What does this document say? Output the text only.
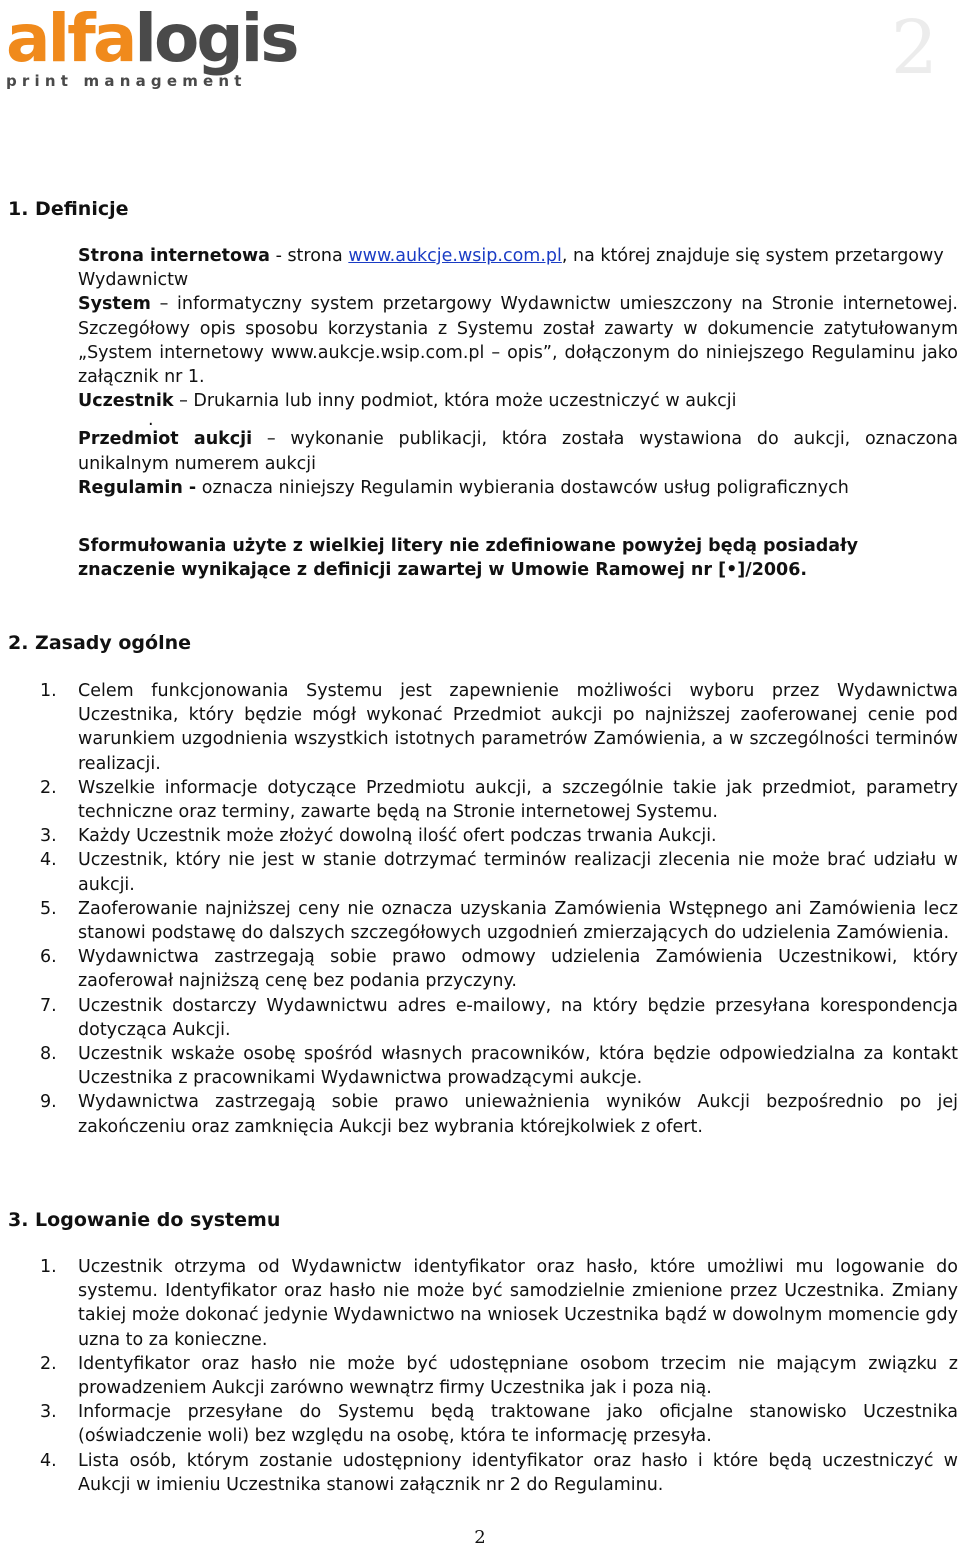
alfalogis
print management	2
1. Definicje

Strona internetowa - strona www.aukcje.wsip.com.pl, na której znajduje się system przetargowy Wydawnictw

System – informatyczny system przetargowy Wydawnictw umieszczony na Stronie internetowej. Szczegółowy opis sposobu korzystania z Systemu został zawarty w dokumencie zatytułowanym „System internetowy www.aukcje.wsip.com.pl – opis”, dołączonym do niniejszego Regulaminu jako załącznik nr 1.

Uczestnik – Drukarnia lub inny podmiot, która może uczestniczyć w aukcji

.

Przedmiot aukcji – wykonanie publikacji, która została wystawiona do aukcji, oznaczona unikalnym numerem aukcji

Regulamin - oznacza niniejszy Regulamin wybierania dostawców usług poligraficznych

Sformułowania użyte z wielkiej litery nie zdefiniowane powyżej będą posiadały znaczenie wynikające z definicji zawartej w Umowie Ramowej nr [•]/2006.

2. Zasady ogólne
1. Celem funkcjonowania Systemu jest zapewnienie możliwości wyboru przez Wydawnictwa Uczestnika, który będzie mógł wykonać Przedmiot aukcji po najniższej zaoferowanej cenie pod warunkiem uzgodnienia wszystkich istotnych parametrów Zamówienia, a w szczególności terminów realizacji.
2. Wszelkie informacje dotyczące Przedmiotu aukcji, a szczególnie takie jak przedmiot, parametry techniczne oraz terminy, zawarte będą na Stronie internetowej Systemu.
3. Każdy Uczestnik może złożyć dowolną ilość ofert podczas trwania Aukcji.
4. Uczestnik, który nie jest w stanie dotrzymać terminów realizacji zlecenia nie może brać udziału w aukcji.
5. Zaoferowanie najniższej ceny nie oznacza uzyskania Zamówienia Wstępnego ani Zamówienia lecz stanowi podstawę do dalszych szczegółowych uzgodnień zmierzających do udzielenia Zamówienia.
6. Wydawnictwa zastrzegają sobie prawo odmowy udzielenia Zamówienia Uczestnikowi, który zaoferował najniższą cenę bez podania przyczyny.
7. Uczestnik dostarczy Wydawnictwu adres e-mailowy, na który będzie przesyłana korespondencja dotycząca Aukcji.
8. Uczestnik wskaże osobę spośród własnych pracowników, która będzie odpowiedzialna za kontakt Uczestnika z pracownikami Wydawnictwa prowadzącymi aukcje.
9. Wydawnictwa zastrzegają sobie prawo unieważnienia wyników Aukcji bezpośrednio po jej zakończeniu oraz zamknięcia Aukcji bez wybrania którejkolwiek z ofert.
3. Logowanie do systemu
1. Uczestnik otrzyma od Wydawnictw identyfikator oraz hasło, które umożliwi mu logowanie do systemu. Identyfikator oraz hasło nie może być samodzielnie zmienione przez Uczestnika. Zmiany takiej może dokonać jedynie Wydawnictwo na wniosek Uczestnika bądź w dowolnym momencie gdy uzna to za konieczne.
2. Identyfikator oraz hasło nie może być udostępniane osobom trzecim nie mającym związku z prowadzeniem Aukcji zarówno wewnątrz firmy Uczestnika jak i poza nią.
3. Informacje przesyłane do Systemu będą traktowane jako oficjalne stanowisko Uczestnika (oświadczenie woli) bez względu na osobę, która te informację przesyła.
4. Lista osób, którym zostanie udostępniony identyfikator oraz hasło i które będą uczestniczyć w Aukcji w imieniu Uczestnika stanowi załącznik nr 2 do Regulaminu.
2
